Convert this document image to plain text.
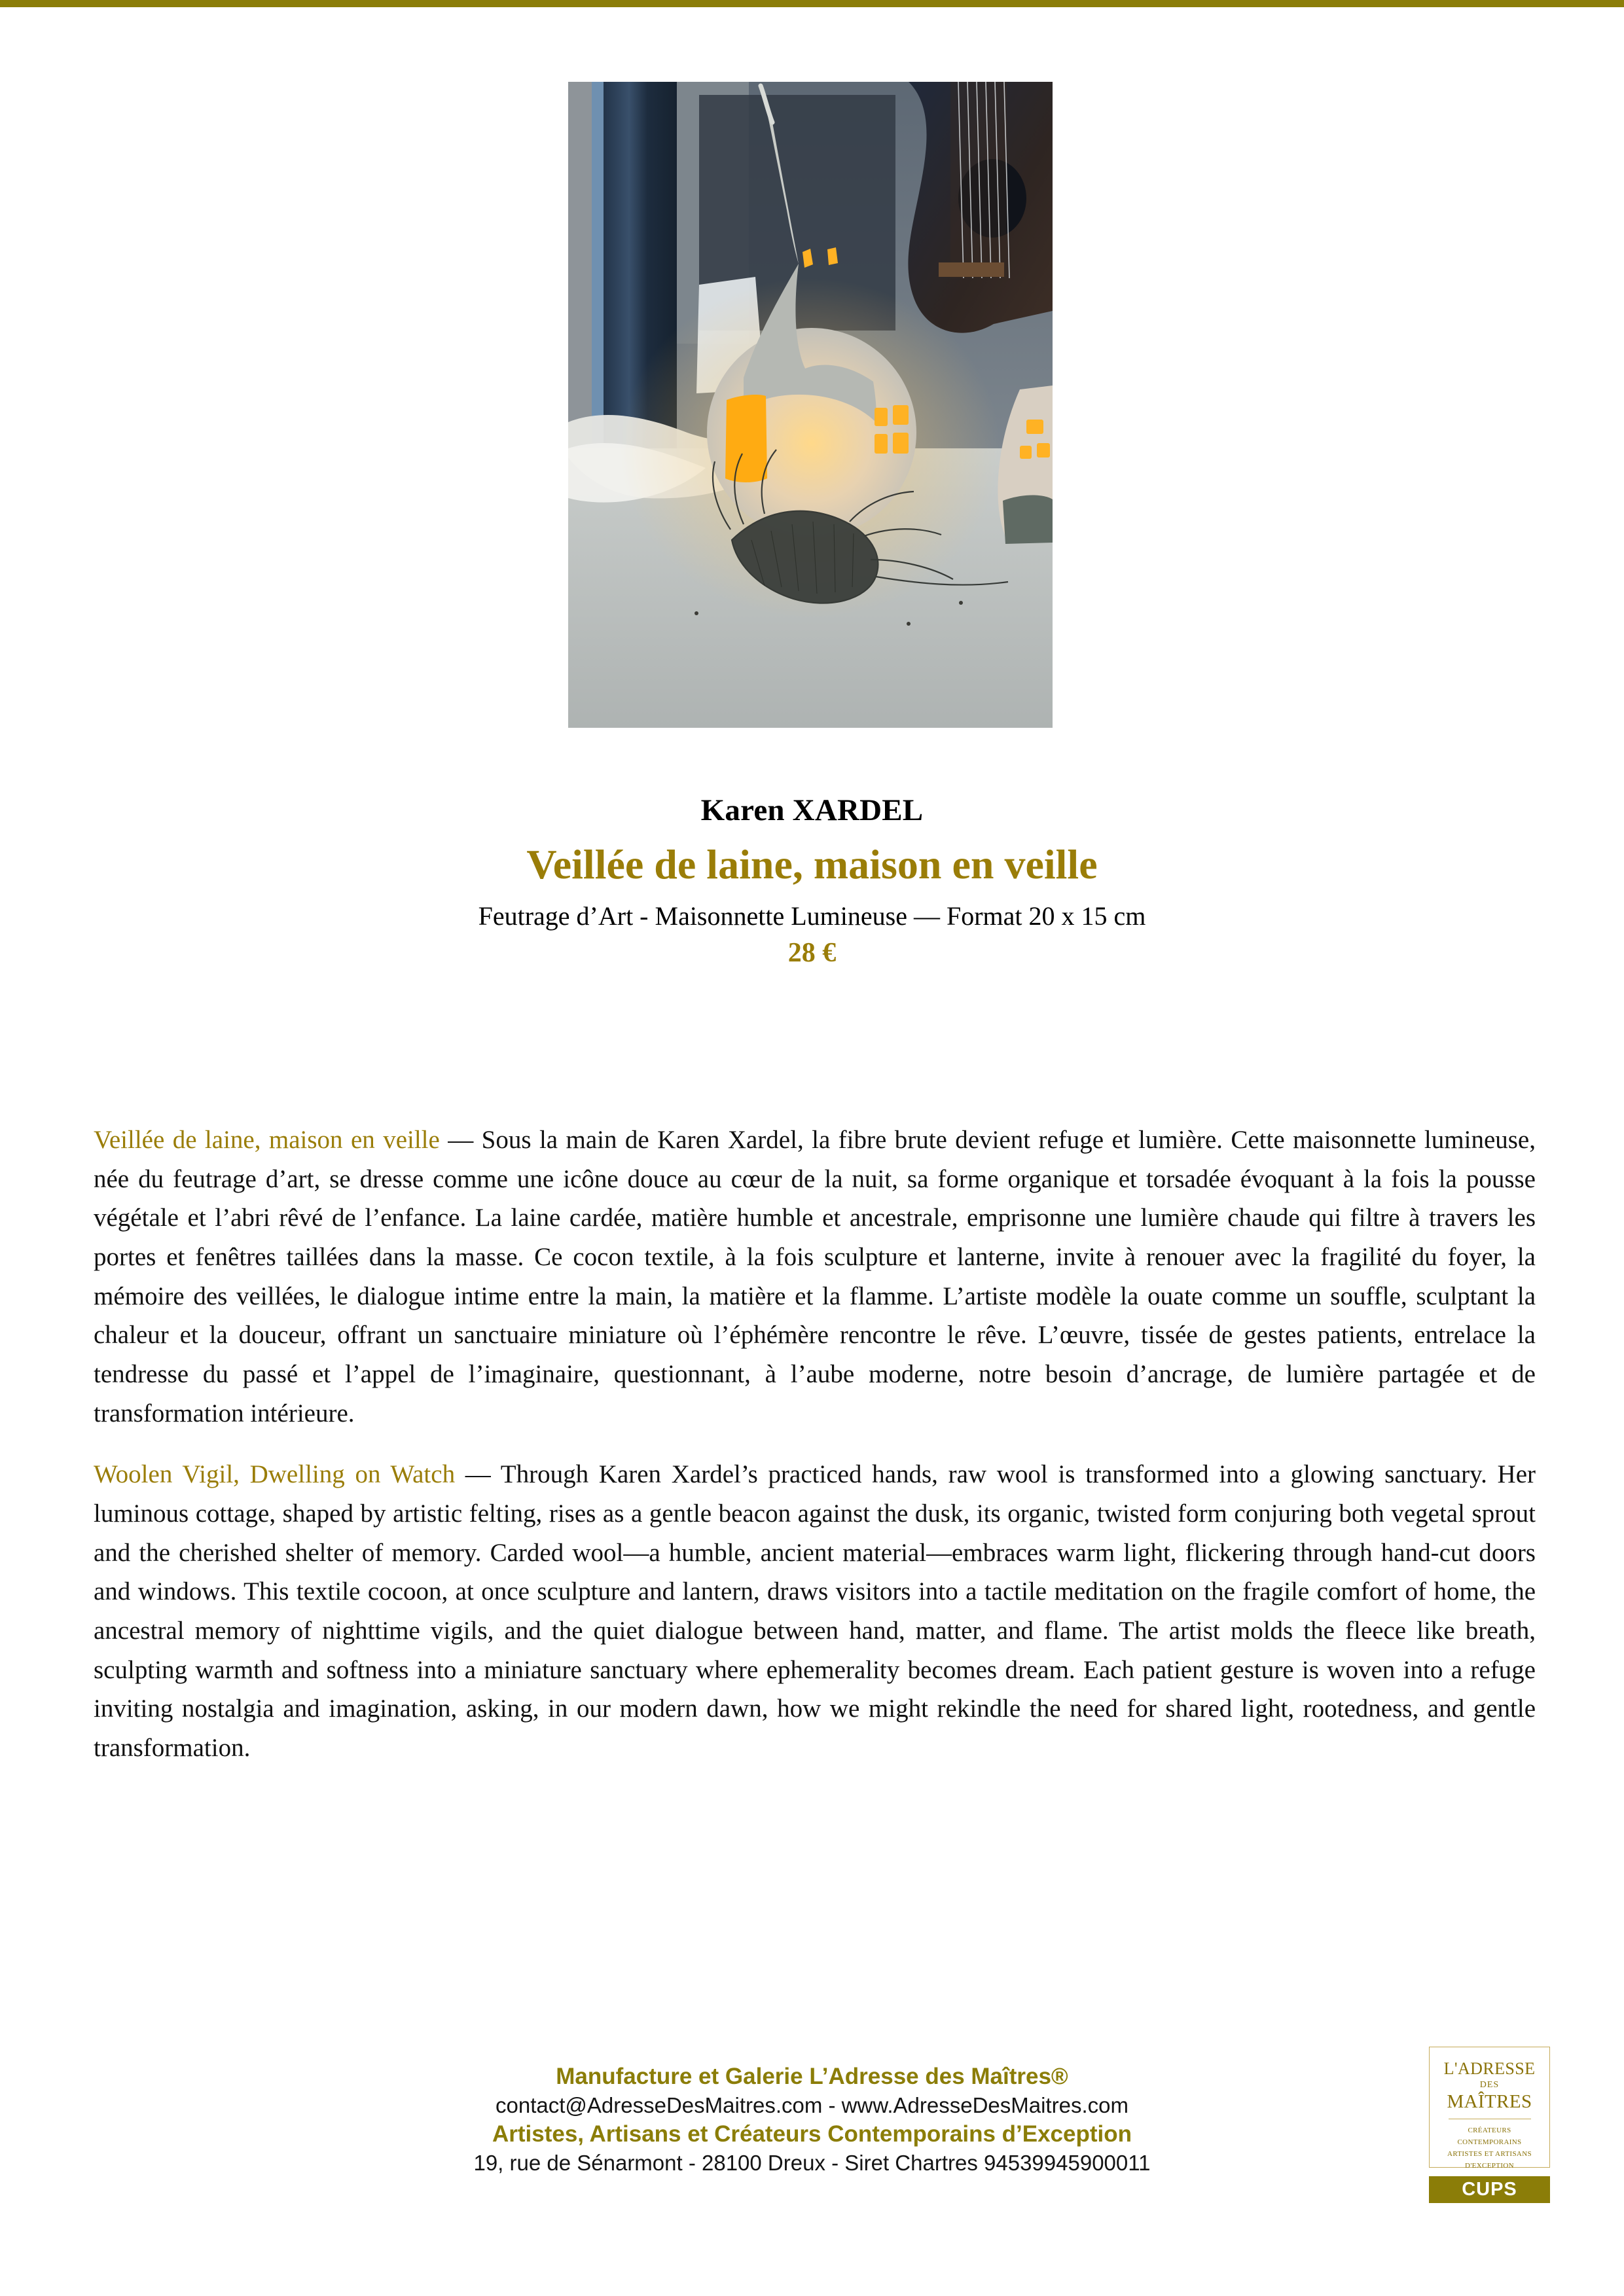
Karen XARDEL
Veillée de laine, maison en veille
Feutrage d’Art - Maisonnette Lumineuse — Format 20 x 15 cm
28 €

Veillée de laine, maison en veille — Sous la main de Karen Xardel, la fibre brute devient refuge et lumière. Cette maisonnette lumineuse, née du feutrage d’art, se dresse comme une icône douce au cœur de la nuit, sa forme organique et torsadée évoquant à la fois la pousse végétale et l’abri rêvé de l’enfance. La laine cardée, matière humble et ancestrale, emprisonne une lumière chaude qui filtre à travers les portes et fenêtres taillées dans la masse. Ce cocon textile, à la fois sculpture et lanterne, invite à renouer avec la fragilité du foyer, la mémoire des veillées, le dialogue intime entre la main, la matière et la flamme. L’artiste modèle la ouate comme un souffle, sculptant la chaleur et la douceur, offrant un sanctuaire miniature où l’éphémère rencontre le rêve. L’œuvre, tissée de gestes patients, entrelace la tendresse du passé et l’appel de l’imaginaire, questionnant, à l’aube moderne, notre besoin d’ancrage, de lumière partagée et de transformation intérieure.

Woolen Vigil, Dwelling on Watch — Through Karen Xardel’s practiced hands, raw wool is transformed into a glowing sanctuary. Her luminous cottage, shaped by artistic felting, rises as a gentle beacon against the dusk, its organic, twisted form conjuring both vegetal sprout and the cherished shelter of memory. Carded wool—a humble, ancient material—embraces warm light, flickering through hand-cut doors and windows. This textile cocoon, at once sculpture and lantern, draws visitors into a tactile meditation on the fragile comfort of home, the ancestral memory of nighttime vigils, and the quiet dialogue between hand, matter, and flame. The artist molds the fleece like breath, sculpting warmth and softness into a miniature sanctuary where ephemerality becomes dream. Each patient gesture is woven into a refuge inviting nostalgia and imagination, asking, in our modern dawn, how we might rekindle the need for shared light, rootedness, and gentle transformation.

Manufacture et Galerie L’Adresse des Maîtres®
contact@AdresseDesMaitres.com - www.AdresseDesMaitres.com
Artistes, Artisans et Créateurs Contemporains d’Exception
19, rue de Sénarmont - 28100 Dreux - Siret Chartres 94539945900011
L'ADRESSE
DES
MAÎTRES
CRÉATEURS CONTEMPORAINS
ARTISTES ET ARTISANS
D'EXCEPTION
CUPS
